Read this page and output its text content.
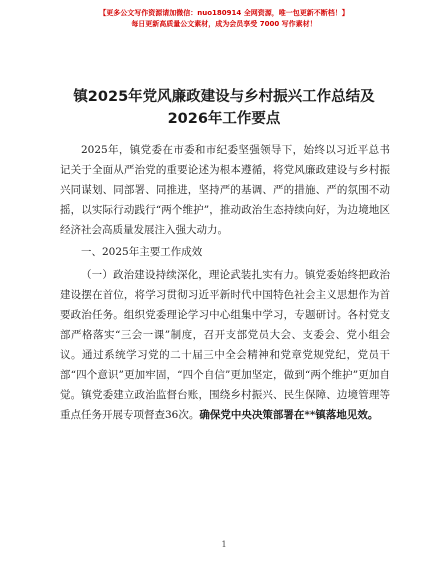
【更多公文写作资源请加微信：nuo180914 全网资源，唯一包更新不断档！】
每日更新高质量公文素材，成为会员享受 7000 写作素材！
镇2025年党风廉政建设与乡村振兴工作总结及
2026年工作要点

2025年，镇党委在市委和市纪委坚强领导下，始终以习近平总书记关于全面从严治党的重要论述为根本遵循，将党风廉政建设与乡村振兴同谋划、同部署、同推进，坚持严的基调、严的措施、严的氛围不动摇，以实际行动践行“两个维护”，推动政治生态持续向好，为边境地区经济社会高质量发展注入强大动力。

一、2025年主要工作成效

（一）政治建设持续深化，理论武装扎实有力。镇党委始终把政治建设摆在首位，将学习贯彻习近平新时代中国特色社会主义思想作为首要政治任务。组织党委理论学习中心组集中学习，专题研讨。各村党支部严格落实“三会一课”制度，召开支部党员大会、支委会、党小组会议。通过系统学习党的二十届三中全会精神和党章党规党纪，党员干部“四个意识”更加牢固，“四个自信”更加坚定，做到“两个维护”更加自觉。镇党委建立政治监督台账，围绕乡村振兴、民生保障、边境管理等重点任务开展专项督查36次。确保党中央决策部署在**镇落地见效。

1
